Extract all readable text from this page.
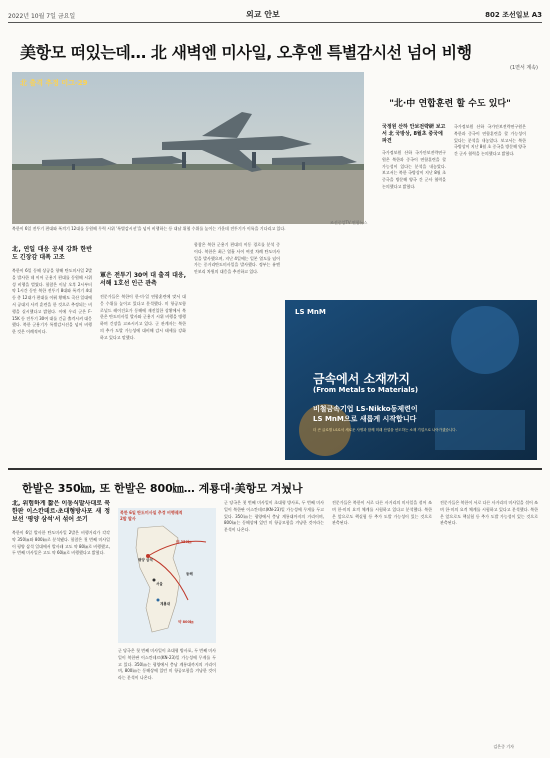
2022년 10월 7일 금요일	외교 안보	802 조선일보 A3
美항모 떠있는데… 北 새벽엔 미사일, 오후엔 특별감시선 넘어 비행
(1면서 계속)
北 출격 추정 미그-29
조선중앙TV 연합뉴스
북한이 6일 전투기 편대와 폭격기 12대를 동원해 무력 시위 '특별감시선'을 넘어 비행하는 등 대남 위협 수위를 높이는 가운데 전투기가 이륙을 기다리고 있다.
北, 연일 대응 공세 강화 한반도 긴장감 대폭 고조
북한이 6일 동해 상공을 향해 탄도미사일 2발을 발사한 데 이어 군용기 편대를 동원해 시위성 비행을 벌였다. 합참은 이날 오후 2시부터 약 1시간 동안 북한 전투기 8대와 폭격기 4대 등 총 12대가 편대를 이뤄 황해도 곡산 일대에서 공대지 사격 훈련을 한 것으로 추정되는 비행을 실시했다고 밝혔다. 이에 우리 군은 F-15K 등 전투기 30여 대를 긴급 출격시켜 대응했다. 북한 군용기가 특별감시선을 넘어 비행한 것은 이례적이다.
軍은 전투기 30여 대 출격 대응, 서해 1호선 인근 관측
전문가들은 북한이 한·미·일 연합훈련에 맞서 대응 수위를 높이고 있다고 분석했다. 미 항공모함 로널드 레이건호가 동해에 재진입한 상황에서 북한은 탄도미사일 발사와 군용기 시위 비행을 병행하며 긴장을 고조시키고 있다. 군 관계자는 북한의 추가 도발 가능성에 대비해 감시 태세를 강화하고 있다고 말했다.
합참은 북한 군용기 편대의 이동 경로를 분석 중이다. 북한은 최근 열흘 사이 여섯 차례 탄도미사일을 발사했으며, 지난 4일에는 일본 열도를 넘어가는 중거리탄도미사일을 발사했다. 정부는 유엔 안보리 차원의 대응을 추진하고 있다.
"北·中 연합훈련 할 수도 있다"
국정원 산하 안보전략硏 보고서 北 국방상, 8월초 중국에 파견
국가정보원 산하 국가안보전략연구원은 북한과 중국이 연합훈련을 할 가능성이 있다는 분석을 내놓았다. 보고서는 북한 국방상이 지난 8월 초 중국을 방문해 양국 간 군사 협력을 논의했다고 밝혔다.
국가정보원 산하 국가안보전략연구원은 북한과 중국이 연합훈련을 할 가능성이 있다는 분석을 내놓았다. 보고서는 북한 국방상이 지난 8월 초 중국을 방문해 양국 간 군사 협력을 논의했다고 밝혔다.
LS MnM
금속에서 소재까지
(From Metals to Materials)
비철금속기업 LS-Nikko동제련이
LS MnM으로 새롭게 시작합니다
더 큰 글로벌 LS로서 새로운 사명과 함께 미래 산업을 선도하는 소재 기업으로 나아가겠습니다.
한발은 350㎞, 또 한발은 800㎞… 계룡대·美항모 겨눴나
北, 위험하게 짧은 이동식발사대로 북한판 이스칸데르·초대형방사포 새 정보선 '평양 삼석'서 섞어 쏘기
북한이 6일 발사한 탄도미사일 2발은 비행거리가 각각 약 350㎞와 800㎞로 분석됐다. 합참은 첫 번째 미사일이 평양 삼석 일대에서 발사돼 고도 약 80㎞로 비행했고, 두 번째 미사일은 고도 약 60㎞로 비행했다고 밝혔다.
북한 6일 탄도미사일 추정 비행궤적
2발 발사
평양 삼석
서울
계룡대
동해
약 350㎞
약 800㎞
군 당국은 첫 번째 미사일이 초대형 방사포, 두 번째 미사일이 북한판 이스칸데르(KN-23)일 가능성에 무게를 두고 있다. 350㎞는 평양에서 충남 계룡대까지의 거리이며, 800㎞는 동해상에 있던 미 항공모함을 겨냥한 것이라는 분석이 나온다.
군 당국은 첫 번째 미사일이 초대형 방사포, 두 번째 미사일이 북한판 이스칸데르(KN-23)일 가능성에 무게를 두고 있다. 350㎞는 평양에서 충남 계룡대까지의 거리이며, 800㎞는 동해상에 있던 미 항공모함을 겨냥한 것이라는 분석이 나온다.
전문가들은 북한이 서로 다른 사거리의 미사일을 섞어 쏘며 한·미의 요격 체계를 시험하고 있다고 분석했다. 북한은 앞으로도 핵실험 등 추가 도발 가능성이 있는 것으로 관측된다.
전문가들은 북한이 서로 다른 사거리의 미사일을 섞어 쏘며 한·미의 요격 체계를 시험하고 있다고 분석했다. 북한은 앞으로도 핵실험 등 추가 도발 가능성이 있는 것으로 관측된다.
김은중 기자
